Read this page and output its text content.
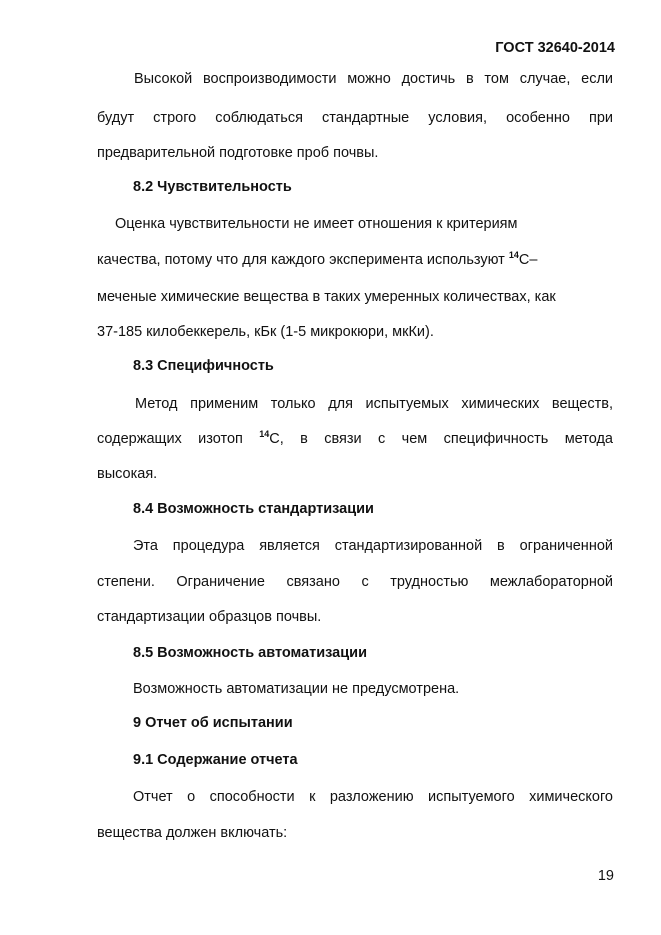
ГОСТ 32640-2014
Высокой воспроизводимости можно достичь в том случае, если
будут строго соблюдаться стандартные условия, особенно при
предварительной подготовке проб почвы.
8.2 Чувствительность
Оценка чувствительности не имеет отношения к критериям
качества, потому что для каждого эксперимента используют $^{14}$С–
меченые химические вещества в таких умеренных количествах, как
37-185 килобеккерель, кБк (1-5 микрокюри, мкКи).
8.3 Специфичность
Метод применим только для испытуемых химических веществ,
содержащих изотоп $^{14}$С, в связи с чем специфичность метода
высокая.
8.4 Возможность стандартизации
Эта процедура является стандартизированной в ограниченной
степени. Ограничение связано с трудностью межлабораторной
стандартизации образцов почвы.
8.5 Возможность автоматизации
Возможность автоматизации не предусмотрена.
9 Отчет об испытании
9.1 Содержание отчета
Отчет о способности к разложению испытуемого химического
вещества должен включать:
19
